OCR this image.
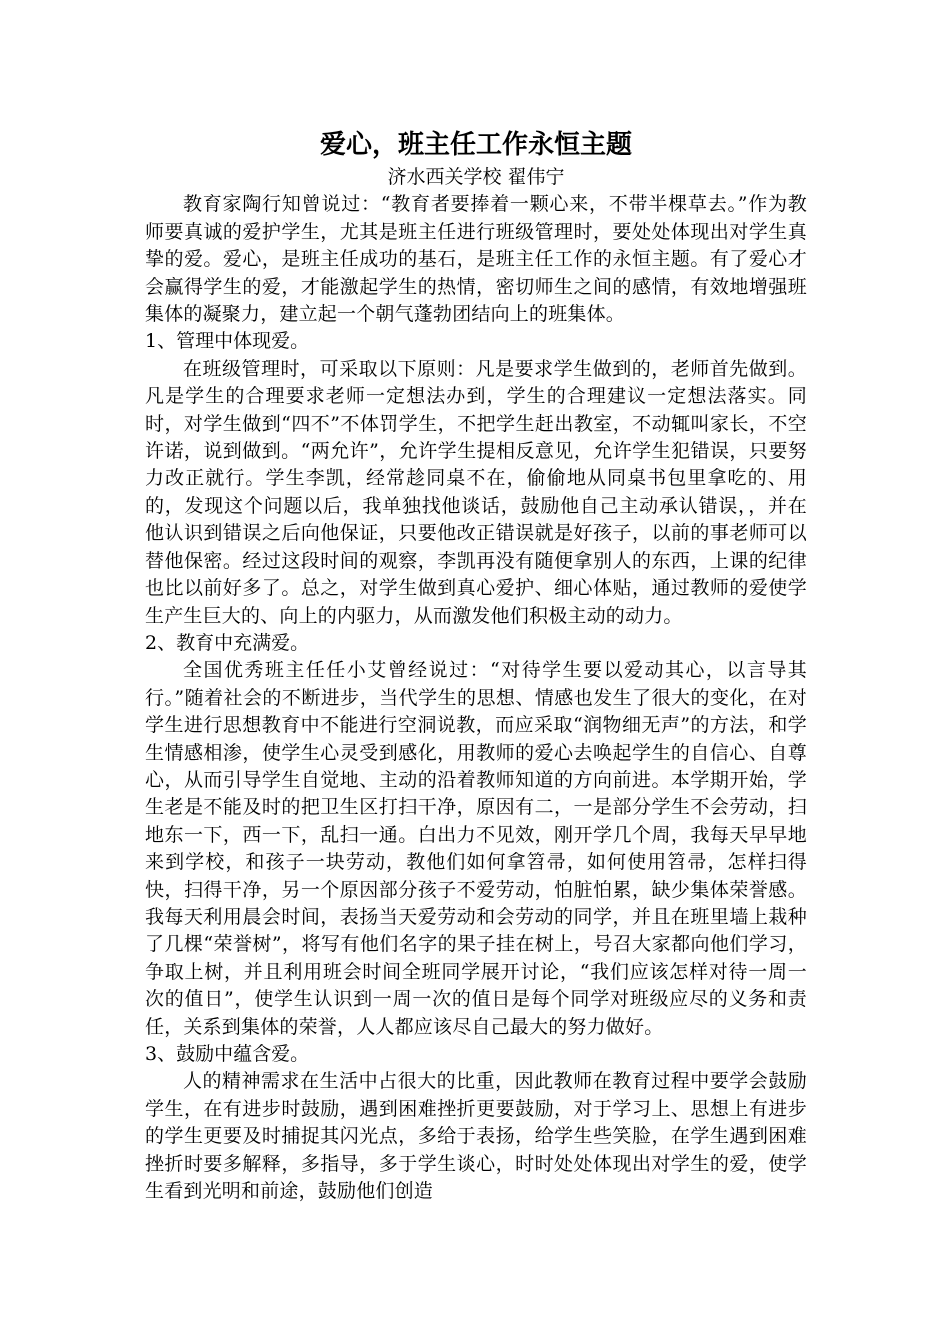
爱心，班主任工作永恒主题
济水西关学校 翟伟宁

教育家陶行知曾说过：“教育者要捧着一颗心来，不带半棵草去。”作为教师要真诚的爱护学生，尤其是班主任进行班级管理时，要处处体现出对学生真挚的爱。爱心，是班主任成功的基石，是班主任工作的永恒主题。有了爱心才会赢得学生的爱，才能激起学生的热情，密切师生之间的感情，有效地增强班集体的凝聚力，建立起一个朝气蓬勃团结向上的班集体。

1、管理中体现爱。

在班级管理时，可采取以下原则：凡是要求学生做到的，老师首先做到。凡是学生的合理要求老师一定想法办到，学生的合理建议一定想法落实。同时，对学生做到“四不”不体罚学生，不把学生赶出教室，不动辄叫家长，不空许诺，说到做到。“两允许”，允许学生提相反意见，允许学生犯错误，只要努力改正就行。学生李凯，经常趁同桌不在，偷偷地从同桌书包里拿吃的、用的，发现这个问题以后，我单独找他谈话，鼓励他自己主动承认错误，，并在他认识到错误之后向他保证，只要他改正错误就是好孩子，以前的事老师可以替他保密。经过这段时间的观察，李凯再没有随便拿别人的东西，上课的纪律也比以前好多了。总之，对学生做到真心爱护、细心体贴，通过教师的爱使学生产生巨大的、向上的内驱力，从而激发他们积极主动的动力。

2、教育中充满爱。

全国优秀班主任任小艾曾经说过：“对待学生要以爱动其心，以言导其行。”随着社会的不断进步，当代学生的思想、情感也发生了很大的变化，在对学生进行思想教育中不能进行空洞说教，而应采取“润物细无声”的方法，和学生情感相渗，使学生心灵受到感化，用教师的爱心去唤起学生的自信心、自尊心，从而引导学生自觉地、主动的沿着教师知道的方向前进。本学期开始，学生老是不能及时的把卫生区打扫干净，原因有二，一是部分学生不会劳动，扫地东一下，西一下，乱扫一通。白出力不见效，刚开学几个周，我每天早早地来到学校，和孩子一块劳动，教他们如何拿笤帚，如何使用笤帚，怎样扫得快，扫得干净，另一个原因部分孩子不爱劳动，怕脏怕累，缺少集体荣誉感。我每天利用晨会时间，表扬当天爱劳动和会劳动的同学，并且在班里墙上栽种了几棵“荣誉树”，将写有他们名字的果子挂在树上，号召大家都向他们学习，争取上树，并且利用班会时间全班同学展开讨论，“我们应该怎样对待一周一次的值日”，使学生认识到一周一次的值日是每个同学对班级应尽的义务和责任，关系到集体的荣誉，人人都应该尽自己最大的努力做好。

3、鼓励中蕴含爱。

人的精神需求在生活中占很大的比重，因此教师在教育过程中要学会鼓励学生，在有进步时鼓励，遇到困难挫折更要鼓励，对于学习上、思想上有进步的学生更要及时捕捉其闪光点，多给于表扬，给学生些笑脸，在学生遇到困难挫折时要多解释，多指导，多于学生谈心，时时处处体现出对学生的爱，使学生看到光明和前途，鼓励他们创造
